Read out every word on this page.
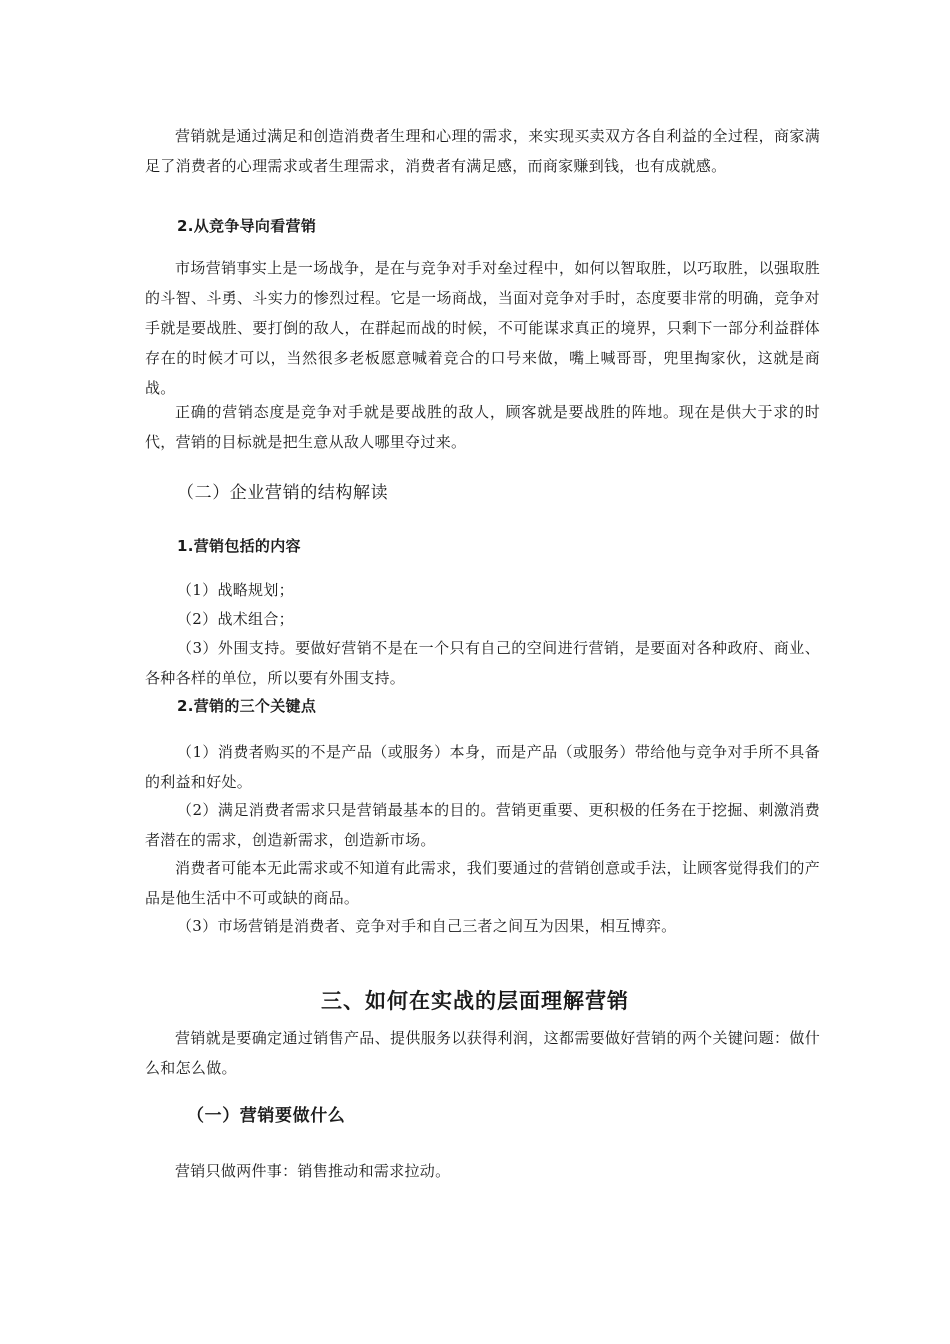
营销就是通过满足和创造消费者生理和心理的需求，来实现买卖双方各自利益的全过程，商家满足了消费者的心理需求或者生理需求，消费者有满足感，而商家赚到钱，也有成就感。

2.从竞争导向看营销

市场营销事实上是一场战争，是在与竞争对手对垒过程中，如何以智取胜，以巧取胜，以强取胜的斗智、斗勇、斗实力的惨烈过程。它是一场商战，当面对竞争对手时，态度要非常的明确，竞争对手就是要战胜、要打倒的敌人，在群起而战的时候，不可能谋求真正的境界，只剩下一部分利益群体存在的时候才可以，当然很多老板愿意喊着竞合的口号来做，嘴上喊哥哥，兜里掏家伙，这就是商战。

正确的营销态度是竞争对手就是要战胜的敌人，顾客就是要战胜的阵地。现在是供大于求的时代，营销的目标就是把生意从敌人哪里夺过来。

（二）企业营销的结构解读
1.营销包括的内容

（1）战略规划；

（2）战术组合；

（3）外围支持。要做好营销不是在一个只有自己的空间进行营销，是要面对各种政府、商业、各种各样的单位，所以要有外围支持。

2.营销的三个关键点

（1）消费者购买的不是产品（或服务）本身，而是产品（或服务）带给他与竞争对手所不具备的利益和好处。

（2）满足消费者需求只是营销最基本的目的。营销更重要、更积极的任务在于挖掘、刺激消费者潜在的需求，创造新需求，创造新市场。

消费者可能本无此需求或不知道有此需求，我们要通过的营销创意或手法，让顾客觉得我们的产品是他生活中不可或缺的商品。

（3）市场营销是消费者、竞争对手和自己三者之间互为因果，相互博弈。

三、如何在实战的层面理解营销

营销就是要确定通过销售产品、提供服务以获得利润，这都需要做好营销的两个关键问题：做什么和怎么做。

（一）营销要做什么

营销只做两件事：销售推动和需求拉动。
